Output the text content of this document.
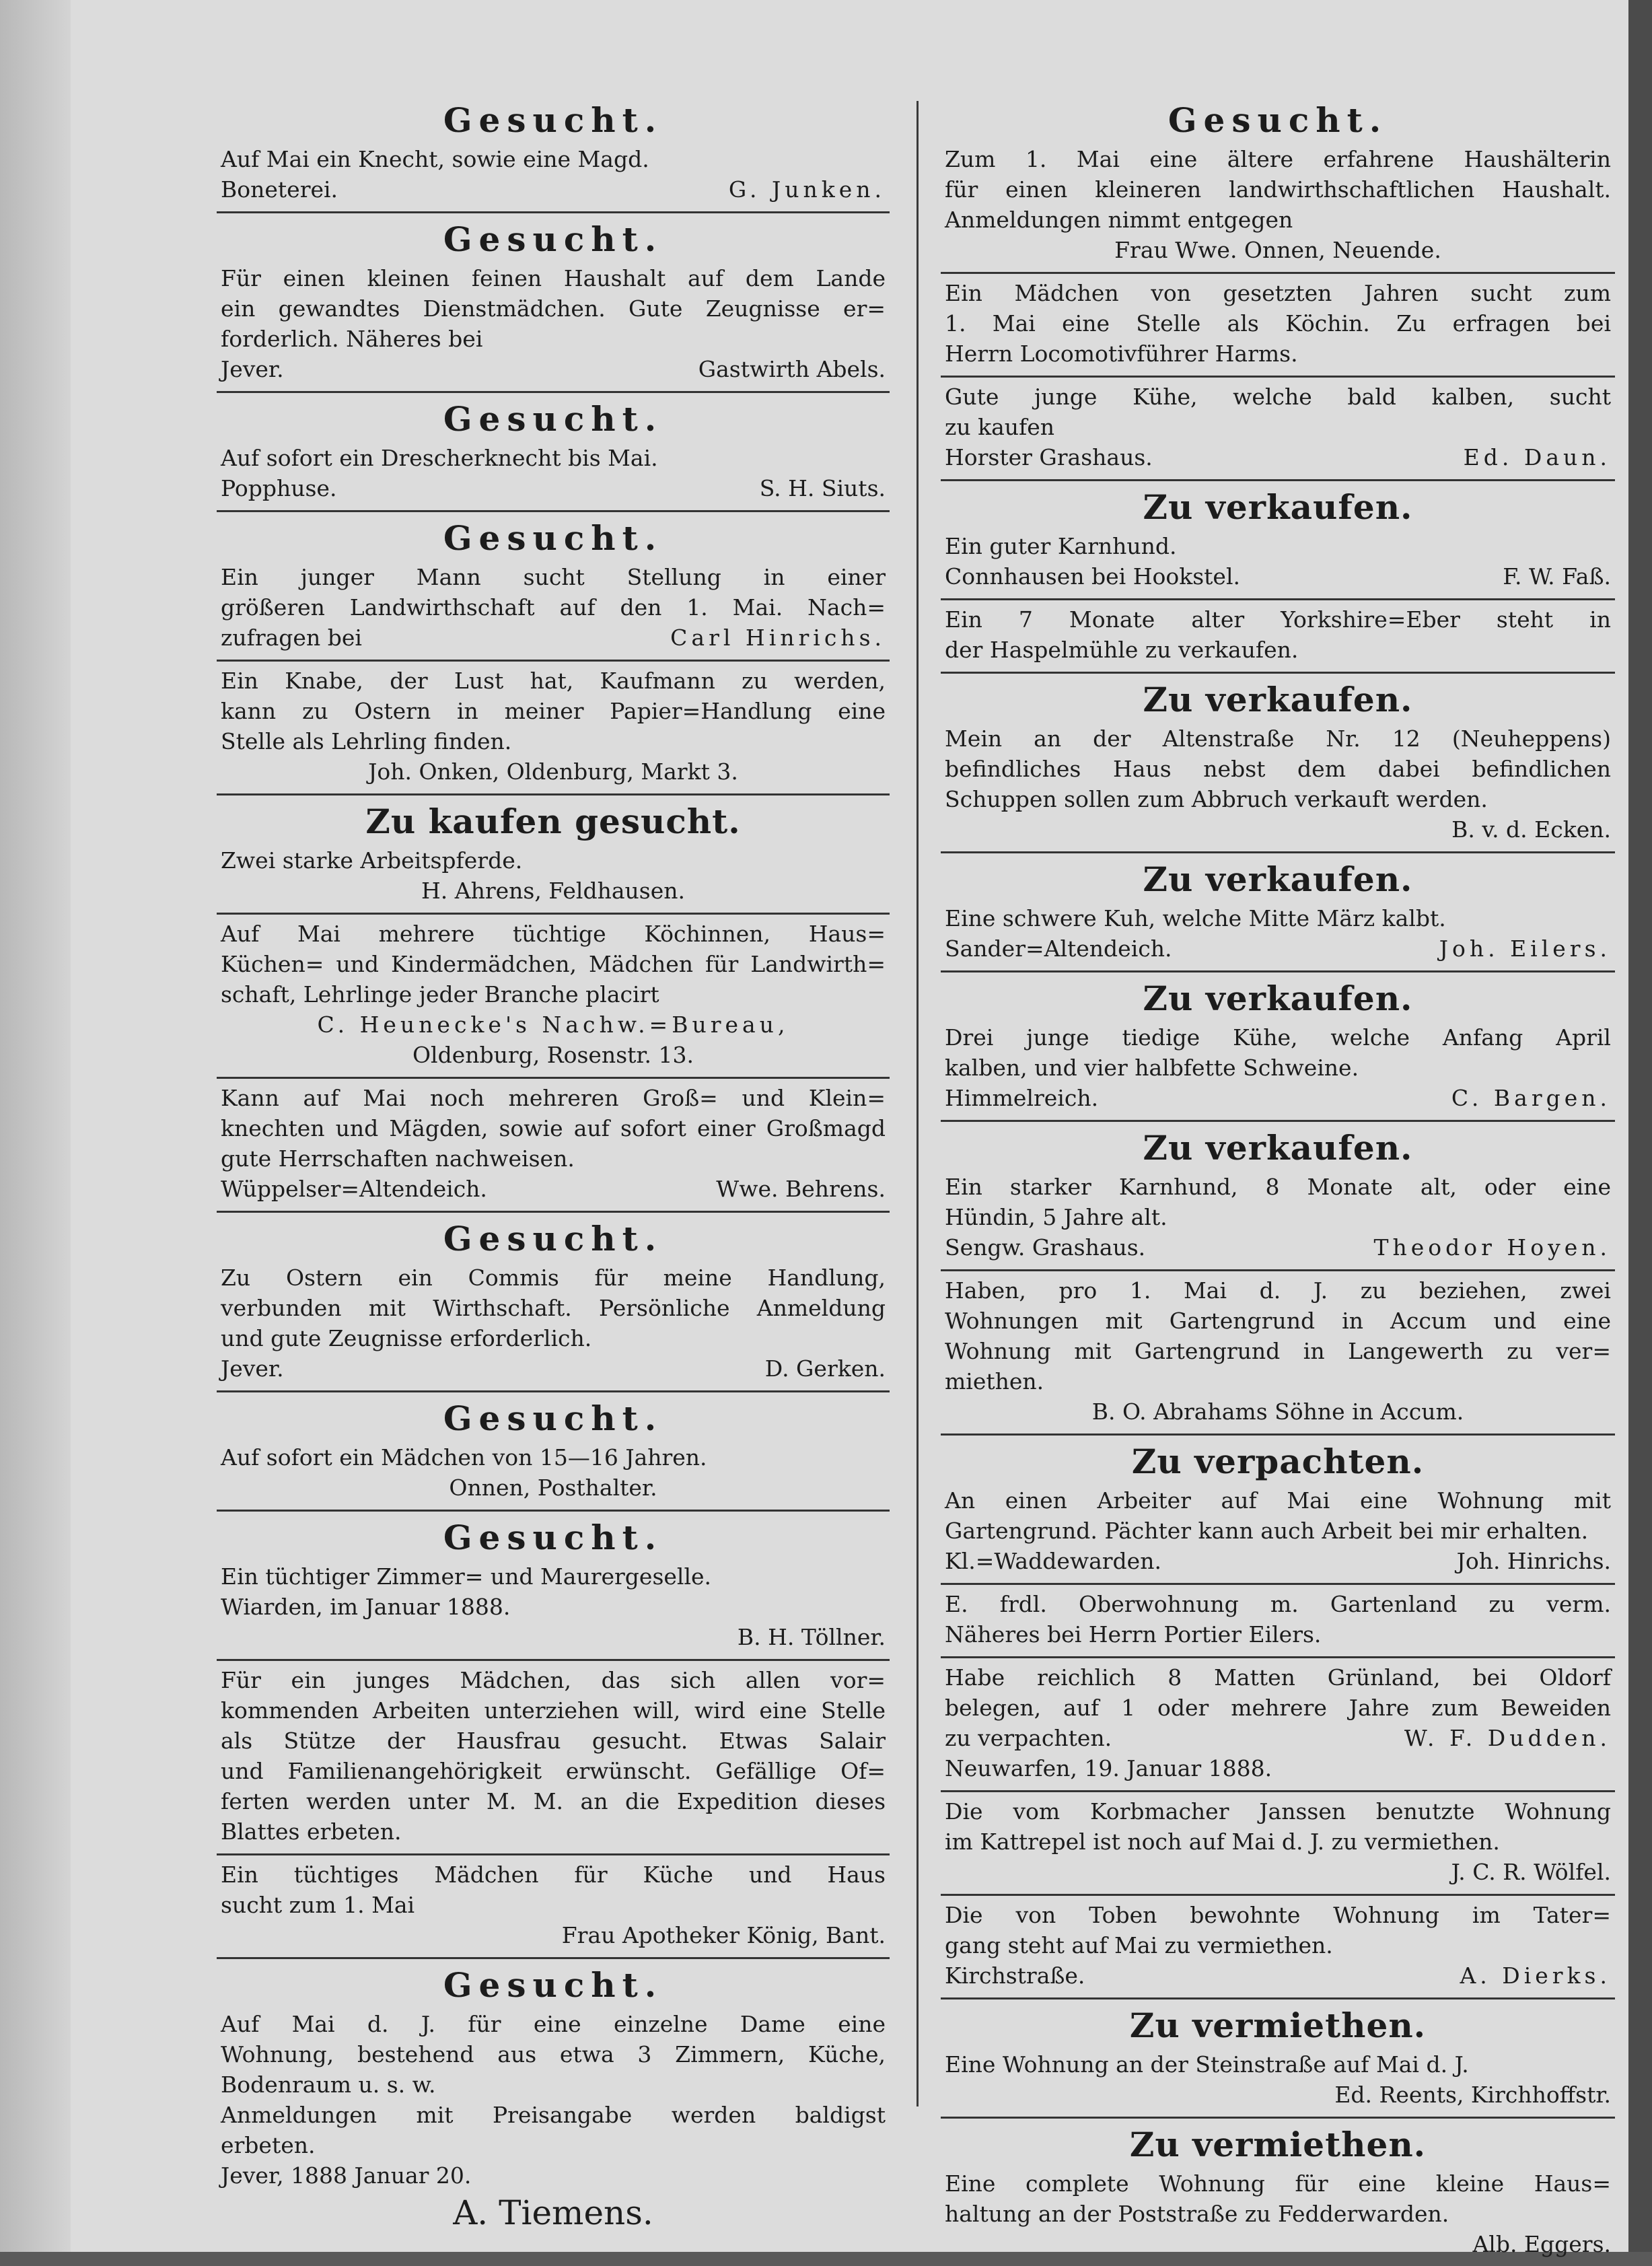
Gesucht.
Auf Mai ein Knecht, sowie eine Magd.
Boneterei.	G. Junken.
Gesucht.
Für einen kleinen feinen Haushalt auf dem Lande
ein gewandtes Dienstmädchen. Gute Zeugnisse er=
forderlich. Näheres bei
Jever.	Gastwirth Abels.
Gesucht.
Auf sofort ein Drescherknecht bis Mai.
Popphuse.	S. H. Siuts.
Gesucht.
Ein junger Mann sucht Stellung in einer
größeren Landwirthschaft auf den 1. Mai. Nach=
zufragen bei	Carl Hinrichs.
Ein Knabe, der Lust hat, Kaufmann zu werden,
kann zu Ostern in meiner Papier=Handlung eine
Stelle als Lehrling finden.
Joh. Onken, Oldenburg, Markt 3.
Zu kaufen gesucht.
Zwei starke Arbeitspferde.
H. Ahrens, Feldhausen.
Auf Mai mehrere tüchtige Köchinnen, Haus=
Küchen= und Kindermädchen, Mädchen für Landwirth=
schaft, Lehrlinge jeder Branche placirt
C. Heunecke's Nachw.=Bureau,
Oldenburg, Rosenstr. 13.
Kann auf Mai noch mehreren Groß= und Klein=
knechten und Mägden, sowie auf sofort einer Großmagd
gute Herrschaften nachweisen.
Wüppelser=Altendeich.	Wwe. Behrens.
Gesucht.
Zu Ostern ein Commis für meine Handlung,
verbunden mit Wirthschaft. Persönliche Anmeldung
und gute Zeugnisse erforderlich.
Jever.	D. Gerken.
Gesucht.
Auf sofort ein Mädchen von 15—16 Jahren.
Onnen, Posthalter.
Gesucht.
Ein tüchtiger Zimmer= und Maurergeselle.
Wiarden, im Januar 1888.
B. H. Töllner.
Für ein junges Mädchen, das sich allen vor=
kommenden Arbeiten unterziehen will, wird eine Stelle
als Stütze der Hausfrau gesucht. Etwas Salair
und Familienangehörigkeit erwünscht. Gefällige Of=
ferten werden unter M. M. an die Expedition dieses
Blattes erbeten.
Ein tüchtiges Mädchen für Küche und Haus
sucht zum 1. Mai
Frau Apotheker König, Bant.
Gesucht.
Auf Mai d. J. für eine einzelne Dame eine
Wohnung, bestehend aus etwa 3 Zimmern, Küche,
Bodenraum u. s. w.
Anmeldungen mit Preisangabe werden baldigst
erbeten.
Jever, 1888 Januar 20.
A. Tiemens.
Gesucht.
Zum 1. Mai eine ältere erfahrene Haushälterin
für einen kleineren landwirthschaftlichen Haushalt.
Anmeldungen nimmt entgegen
Frau Wwe. Onnen, Neuende.
Ein Mädchen von gesetzten Jahren sucht zum
1. Mai eine Stelle als Köchin. Zu erfragen bei
Herrn Locomotivführer Harms.
Gute junge Kühe, welche bald kalben, sucht
zu kaufen
Horster Grashaus.	Ed. Daun.
Zu verkaufen.
Ein guter Karnhund.
Connhausen bei Hookstel.	F. W. Faß.
Ein 7 Monate alter Yorkshire=Eber steht in
der Haspelmühle zu verkaufen.
Zu verkaufen.
Mein an der Altenstraße Nr. 12 (Neuheppens)
befindliches Haus nebst dem dabei befindlichen
Schuppen sollen zum Abbruch verkauft werden.
B. v. d. Ecken.
Zu verkaufen.
Eine schwere Kuh, welche Mitte März kalbt.
Sander=Altendeich.	Joh. Eilers.
Zu verkaufen.
Drei junge tiedige Kühe, welche Anfang April
kalben, und vier halbfette Schweine.
Himmelreich.	C. Bargen.
Zu verkaufen.
Ein starker Karnhund, 8 Monate alt, oder eine
Hündin, 5 Jahre alt.
Sengw. Grashaus.	Theodor Hoyen.
Haben, pro 1. Mai d. J. zu beziehen, zwei
Wohnungen mit Gartengrund in Accum und eine
Wohnung mit Gartengrund in Langewerth zu ver=
miethen.
B. O. Abrahams Söhne in Accum.
Zu verpachten.
An einen Arbeiter auf Mai eine Wohnung mit
Gartengrund. Pächter kann auch Arbeit bei mir erhalten.
Kl.=Waddewarden.	Joh. Hinrichs.
E. frdl. Oberwohnung m. Gartenland zu verm.
Näheres bei Herrn Portier Eilers.
Habe reichlich 8 Matten Grünland, bei Oldorf
belegen, auf 1 oder mehrere Jahre zum Beweiden
zu verpachten.	W. F. Dudden.
Neuwarfen, 19. Januar 1888.
Die vom Korbmacher Janssen benutzte Wohnung
im Kattrepel ist noch auf Mai d. J. zu vermiethen.
J. C. R. Wölfel.
Die von Toben bewohnte Wohnung im Tater=
gang steht auf Mai zu vermiethen.
Kirchstraße.	A. Dierks.
Zu vermiethen.
Eine Wohnung an der Steinstraße auf Mai d. J.
Ed. Reents, Kirchhoffstr.
Zu vermiethen.
Eine complete Wohnung für eine kleine Haus=
haltung an der Poststraße zu Fedderwarden.
Alb. Eggers.
